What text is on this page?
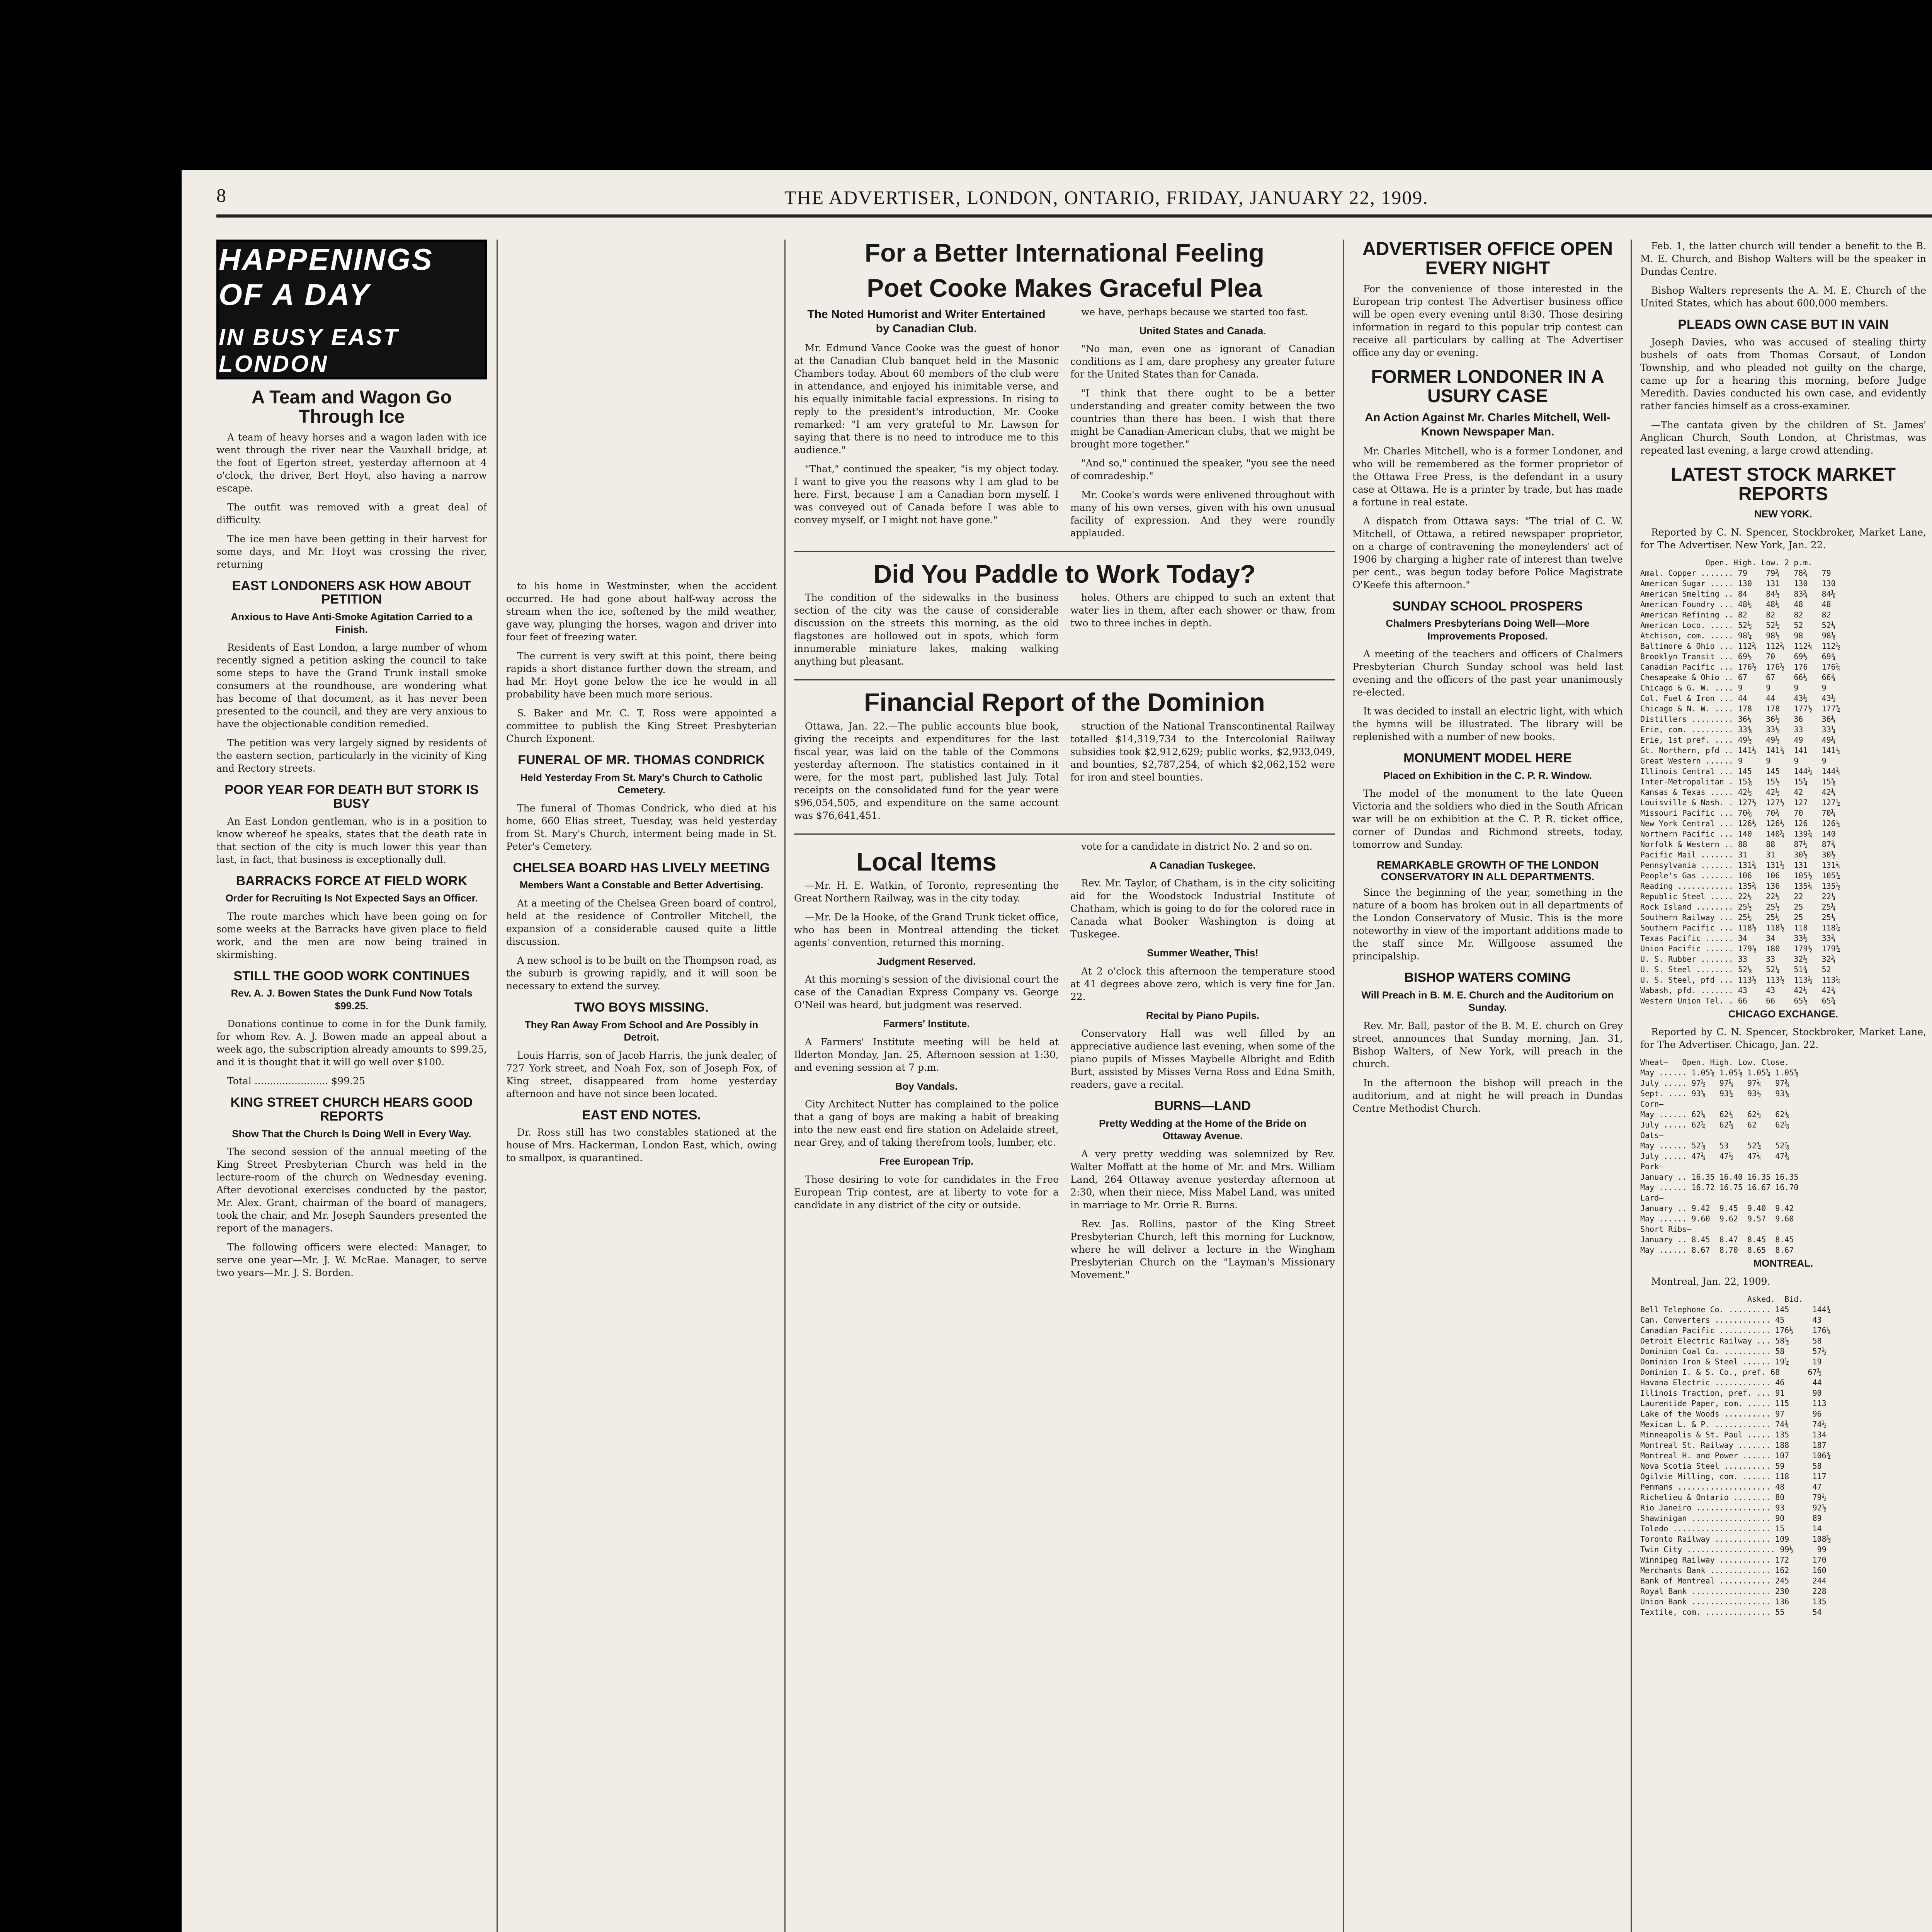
8	THE ADVERTISER, LONDON, ONTARIO, FRIDAY, JANUARY 22, 1909.
HAPPENINGS OF A DAY
IN BUSY EAST LONDON
A Team and Wagon Go Through Ice

A team of heavy horses and a wagon laden with ice went through the river near the Vauxhall bridge, at the foot of Egerton street, yesterday afternoon at 4 o'clock, the driver, Bert Hoyt, also having a narrow escape.

The outfit was removed with a great deal of difficulty.

The ice men have been getting in their harvest for some days, and Mr. Hoyt was crossing the river, returning

EAST LONDONERS ASK HOW ABOUT PETITION
Anxious to Have Anti-Smoke Agitation Carried to a Finish.

Residents of East London, a large number of whom recently signed a petition asking the council to take some steps to have the Grand Trunk install smoke consumers at the roundhouse, are wondering what has become of that document, as it has never been presented to the council, and they are very anxious to have the objectionable condition remedied.

The petition was very largely signed by residents of the eastern section, particularly in the vicinity of King and Rectory streets.

POOR YEAR FOR DEATH BUT STORK IS BUSY

An East London gentleman, who is in a position to know whereof he speaks, states that the death rate in that section of the city is much lower this year than last, in fact, that business is exceptionally dull.

BARRACKS FORCE AT FIELD WORK
Order for Recruiting Is Not Expected Says an Officer.

The route marches which have been going on for some weeks at the Barracks have given place to field work, and the men are now being trained in skirmishing.

STILL THE GOOD WORK CONTINUES
Rev. A. J. Bowen States the Dunk Fund Now Totals $99.25.

Donations continue to come in for the Dunk family, for whom Rev. A. J. Bowen made an appeal about a week ago, the subscription already amounts to $99.25, and it is thought that it will go well over $100.

Total ........................ $99.25

KING STREET CHURCH HEARS GOOD REPORTS
Show That the Church Is Doing Well in Every Way.

The second session of the annual meeting of the King Street Presbyterian Church was held in the lecture-room of the church on Wednesday evening. After devotional exercises conducted by the pastor, Mr. Alex. Grant, chairman of the board of managers, took the chair, and Mr. Joseph Saunders presented the report of the managers.

The following officers were elected: Manager, to serve one year—Mr. J. W. McRae. Manager, to serve two years—Mr. J. S. Borden.

to his home in Westminster, when the accident occurred. He had gone about half-way across the stream when the ice, softened by the mild weather, gave way, plunging the horses, wagon and driver into four feet of freezing water.

The current is very swift at this point, there being rapids a short distance further down the stream, and had Mr. Hoyt gone below the ice he would in all probability have been much more serious.

S. Baker and Mr. C. T. Ross were appointed a committee to publish the King Street Presbyterian Church Exponent.

FUNERAL OF MR. THOMAS CONDRICK
Held Yesterday From St. Mary's Church to Catholic Cemetery.

The funeral of Thomas Condrick, who died at his home, 660 Elias street, Tuesday, was held yesterday from St. Mary's Church, interment being made in St. Peter's Cemetery.

CHELSEA BOARD HAS LIVELY MEETING
Members Want a Constable and Better Advertising.

At a meeting of the Chelsea Green board of control, held at the residence of Controller Mitchell, the expansion of a considerable caused quite a little discussion.

A new school is to be built on the Thompson road, as the suburb is growing rapidly, and it will soon be necessary to extend the survey.

TWO BOYS MISSING.
They Ran Away From School and Are Possibly in Detroit.

Louis Harris, son of Jacob Harris, the junk dealer, of 727 York street, and Noah Fox, son of Joseph Fox, of King street, disappeared from home yesterday afternoon and have not since been located.

EAST END NOTES.

Dr. Ross still has two constables stationed at the house of Mrs. Hackerman, London East, which, owing to smallpox, is quarantined.

For a Better International Feeling
Poet Cooke Makes Graceful Plea
The Noted Humorist and Writer Entertained by Canadian Club.

Mr. Edmund Vance Cooke was the guest of honor at the Canadian Club banquet held in the Masonic Chambers today. About 60 members of the club were in attendance, and enjoyed his inimitable verse, and his equally inimitable facial expressions. In rising to reply to the president's introduction, Mr. Cooke remarked: "I am very grateful to Mr. Lawson for saying that there is no need to introduce me to this audience."

"That," continued the speaker, "is my object today. I want to give you the reasons why I am glad to be here. First, because I am a Canadian born myself. I was conveyed out of Canada before I was able to convey myself, or I might not have gone."

we have, perhaps because we started too fast.

United States and Canada.

"No man, even one as ignorant of Canadian conditions as I am, dare prophesy any greater future for the United States than for Canada.

"I think that there ought to be a better understanding and greater comity between the two countries than there has been. I wish that there might be Canadian-American clubs, that we might be brought more together."

"And so," continued the speaker, "you see the need of comradeship."

Mr. Cooke's words were enlivened throughout with many of his own verses, given with his own unusual facility of expression. And they were roundly applauded.

Did You Paddle to Work Today?

The condition of the sidewalks in the business section of the city was the cause of considerable discussion on the streets this morning, as the old flagstones are hollowed out in spots, which form innumerable miniature lakes, making walking anything but pleasant.

holes. Others are chipped to such an extent that water lies in them, after each shower or thaw, from two to three inches in depth.

Financial Report of the Dominion

Ottawa, Jan. 22.—The public accounts blue book, giving the receipts and expenditures for the last fiscal year, was laid on the table of the Commons yesterday afternoon. The statistics contained in it were, for the most part, published last July. Total receipts on the consolidated fund for the year were $96,054,505, and expenditure on the same account was $76,641,451.

struction of the National Transcontinental Railway totalled $14,319,734 to the Intercolonial Railway subsidies took $2,912,629; public works, $2,933,049, and bounties, $2,787,254, of which $2,062,152 were for iron and steel bounties.

Local Items

—Mr. H. E. Watkin, of Toronto, representing the Great Northern Railway, was in the city today.

—Mr. De la Hooke, of the Grand Trunk ticket office, who has been in Montreal attending the ticket agents' convention, returned this morning.

Judgment Reserved.

At this morning's session of the divisional court the case of the Canadian Express Company vs. George O'Neil was heard, but judgment was reserved.

Farmers' Institute.

A Farmers' Institute meeting will be held at Ilderton Monday, Jan. 25, Afternoon session at 1:30, and evening session at 7 p.m.

Boy Vandals.

City Architect Nutter has complained to the police that a gang of boys are making a habit of breaking into the new east end fire station on Adelaide street, near Grey, and of taking therefrom tools, lumber, etc.

Free European Trip.

Those desiring to vote for candidates in the Free European Trip contest, are at liberty to vote for a candidate in any district of the city or outside.

vote for a candidate in district No. 2 and so on.

A Canadian Tuskegee.

Rev. Mr. Taylor, of Chatham, is in the city soliciting aid for the Woodstock Industrial Institute of Chatham, which is going to do for the colored race in Canada what Booker Washington is doing at Tuskegee.

Summer Weather, This!

At 2 o'clock this afternoon the temperature stood at 41 degrees above zero, which is very fine for Jan. 22.

Recital by Piano Pupils.

Conservatory Hall was well filled by an appreciative audience last evening, when some of the piano pupils of Misses Maybelle Albright and Edith Burt, assisted by Misses Verna Ross and Edna Smith, readers, gave a recital.

BURNS—LAND
Pretty Wedding at the Home of the Bride on Ottaway Avenue.

A very pretty wedding was solemnized by Rev. Walter Moffatt at the home of Mr. and Mrs. William Land, 264 Ottaway avenue yesterday afternoon at 2:30, when their niece, Miss Mabel Land, was united in marriage to Mr. Orrie R. Burns.

Rev. Jas. Rollins, pastor of the King Street Presbyterian Church, left this morning for Lucknow, where he will deliver a lecture in the Wingham Presbyterian Church on the "Layman's Missionary Movement."

ADVERTISER OFFICE OPEN EVERY NIGHT

For the convenience of those interested in the European trip contest The Advertiser business office will be open every evening until 8:30. Those desiring information in regard to this popular trip contest can receive all particulars by calling at The Advertiser office any day or evening.

FORMER LONDONER IN A USURY CASE
An Action Against Mr. Charles Mitchell, Well-Known Newspaper Man.

Mr. Charles Mitchell, who is a former Londoner, and who will be remembered as the former proprietor of the Ottawa Free Press, is the defendant in a usury case at Ottawa. He is a printer by trade, but has made a fortune in real estate.

A dispatch from Ottawa says: "The trial of C. W. Mitchell, of Ottawa, a retired newspaper proprietor, on a charge of contravening the moneylenders' act of 1906 by charging a higher rate of interest than twelve per cent., was begun today before Police Magistrate O'Keefe this afternoon."

SUNDAY SCHOOL PROSPERS
Chalmers Presbyterians Doing Well—More Improvements Proposed.

A meeting of the teachers and officers of Chalmers Presbyterian Church Sunday school was held last evening and the officers of the past year unanimously re-elected.

It was decided to install an electric light, with which the hymns will be illustrated. The library will be replenished with a number of new books.

MONUMENT MODEL HERE
Placed on Exhibition in the C. P. R. Window.

The model of the monument to the late Queen Victoria and the soldiers who died in the South African war will be on exhibition at the C. P. R. ticket office, corner of Dundas and Richmond streets, today, tomorrow and Sunday.

REMARKABLE GROWTH OF THE LONDON CONSERVATORY IN ALL DEPARTMENTS.

Since the beginning of the year, something in the nature of a boom has broken out in all departments of the London Conservatory of Music. This is the more noteworthy in view of the important additions made to the staff since Mr. Willgoose assumed the principalship.

BISHOP WATERS COMING
Will Preach in B. M. E. Church and the Auditorium on Sunday.

Rev. Mr. Ball, pastor of the B. M. E. church on Grey street, announces that Sunday morning, Jan. 31, Bishop Walters, of New York, will preach in the church.

In the afternoon the bishop will preach in the auditorium, and at night he will preach in Dundas Centre Methodist Church.

Feb. 1, the latter church will tender a benefit to the B. M. E. Church, and Bishop Walters will be the speaker in Dundas Centre.

Bishop Walters represents the A. M. E. Church of the United States, which has about 600,000 members.

PLEADS OWN CASE BUT IN VAIN

Joseph Davies, who was accused of stealing thirty bushels of oats from Thomas Corsaut, of London Township, and who pleaded not guilty on the charge, came up for a hearing this morning, before Judge Meredith. Davies conducted his own case, and evidently rather fancies himself as a cross-examiner.

—The cantata given by the children of St. James' Anglican Church, South London, at Christmas, was repeated last evening, a large crowd attending.

LATEST STOCK MARKET REPORTS
NEW YORK.

Reported by C. N. Spencer, Stockbroker, Market Lane, for The Advertiser. New York, Jan. 22.

Open. High. Low. 2 p.m.
Amal. Copper ....... 79    79¾   78¾   79
American Sugar ..... 130   131   130   130
American Smelting .. 84    84½   83¾   84⅛
American Foundry ... 48½   48½   48    48
American Refining .. 82    82    82    82
American Loco. ..... 52½   52½   52    52¼
Atchison, com. ..... 98¼   98½   98    98⅛
Baltimore & Ohio ... 112¾  112¾  112¼  112½
Brooklyn Transit ... 69½   70    69½   69¾
Canadian Pacific ... 176½  176½  176   176¼
Chesapeake & Ohio .. 67    67    66½   66¾
Chicago & G. W. .... 9     9     9     9
Col. Fuel & Iron ... 44    44    43½   43½
Chicago & N. W. .... 178   178   177½  177¾
Distillers ......... 36¼   36½   36    36¼
Erie, com. ......... 33⅜   33½   33    33¼
Erie, 1st pref. .... 49½   49½   49    49¼
Gt. Northern, pfd .. 141½  141¾  141   141¼
Great Western ...... 9     9     9     9
Illinois Central ... 145   145   144½  144¾
Inter-Metropolitan . 15⅜   15½   15¼   15⅜
Kansas & Texas ..... 42½   42½   42    42¼
Louisville & Nash. . 127½  127½  127   127¼
Missouri Pacific ... 70⅝   70¾   70    70¼
New York Central ... 126½  126½  126   126¼
Northern Pacific ... 140   140¼  139¾  140
Norfolk & Western .. 88    88    87½   87¾
Pacific Mail ....... 31    31    30½   30½
Pennsylvania ....... 131⅜  131½  131   131¼
People's Gas ....... 106   106   105½  105¾
Reading ............ 135¾  136   135¼  135½
Republic Steel ..... 22½   22½   22    22¼
Rock Island ........ 25½   25½   25    25¼
Southern Railway ... 25½   25½   25    25¼
Southern Pacific ... 118½  118½  118   118¼
Texas Pacific ...... 34    34    33½   33¾
Union Pacific ...... 179⅞  180   179½  179¾
U. S. Rubber ....... 33    33    32½   32¾
U. S. Steel ........ 52⅛   52¼   51¾   52
U. S. Steel, pfd ... 113½  113½  113⅛  113¼
Wabash, pfd. ....... 43    43    42½   42¾
Western Union Tel. . 66    66    65½   65¾
CHICAGO EXCHANGE.

Reported by C. N. Spencer, Stockbroker, Market Lane, for The Advertiser. Chicago, Jan. 22.

Wheat—   Open. High. Low. Close.
May ...... 1.05⅝ 1.05⅞ 1.05¼ 1.05⅜
July ..... 97½   97⅝   97¼   97⅜
Sept. .... 93⅝   93¾   93½   93⅝
Corn—
May ...... 62⅝   62¾   62½   62⅝
July ..... 62¼   62⅜   62    62⅛
Oats—
May ...... 52⅞   53    52¾   52⅞
July ..... 47⅜   47½   47¼   47⅜
Pork—
January .. 16.35 16.40 16.35 16.35
May ...... 16.72 16.75 16.67 16.70
Lard—
January .. 9.42  9.45  9.40  9.42
May ...... 9.60  9.62  9.57  9.60
Short Ribs—
January .. 8.45  8.47  8.45  8.45
May ...... 8.67  8.70  8.65  8.67
MONTREAL.

Montreal, Jan. 22, 1909.

Asked.  Bid.
Bell Telephone Co. ......... 145     144¾
Can. Converters ............ 45      43
Canadian Pacific ........... 176½    176¼
Detroit Electric Railway ... 58½     58
Dominion Coal Co. .......... 58      57½
Dominion Iron & Steel ...... 19¼     19
Dominion I. & S. Co., pref. 68      67½
Havana Electric ............ 46      44
Illinois Traction, pref. ... 91      90
Laurentide Paper, com. ..... 115     113
Lake of the Woods .......... 97      96
Mexican L. & P. ............ 74¾     74½
Minneapolis & St. Paul ..... 135     134
Montreal St. Railway ....... 188     187
Montreal H. and Power ...... 107     106¾
Nova Scotia Steel .......... 59      58
Ogilvie Milling, com. ...... 118     117
Penmans .................... 48      47
Richelieu & Ontario ........ 80      79½
Rio Janeiro ................ 93      92½
Shawinigan ................. 90      89
Toledo ..................... 15      14
Toronto Railway ............ 109     108½
Twin City ................... 99½     99
Winnipeg Railway ........... 172     170
Merchants Bank ............. 162     160
Bank of Montreal ........... 245     244
Royal Bank ................. 230     228
Union Bank ................. 136     135
Textile, com. .............. 55      54
